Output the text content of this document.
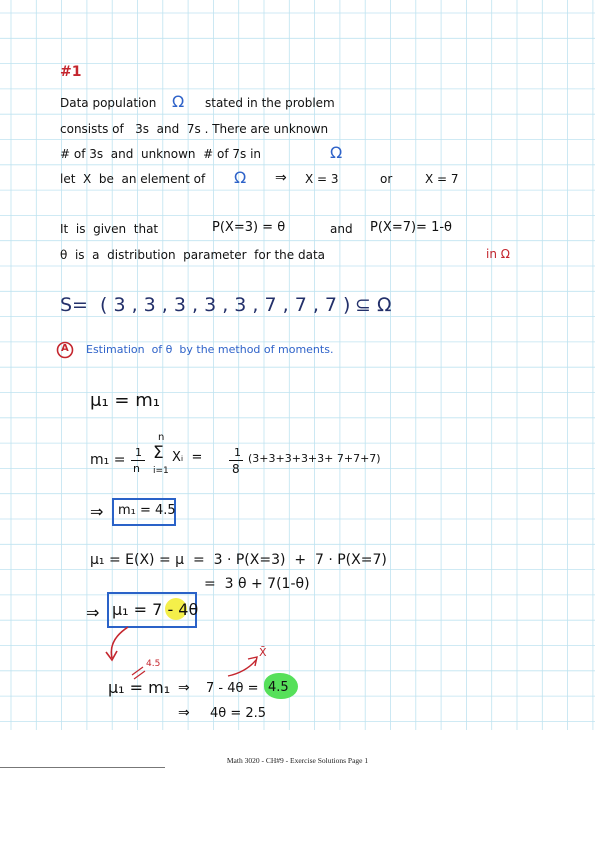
#1
Data population Ω stated in the problem
consists of   3s  and  7s . There are unknown
# of 3s  and  unknown  # of 7s in	Ω
let  X  be  an element of Ω ⇒ X = 3	or	X = 7
It  is  given  that	P(X=3) = θ	and P(X=7)= 1-θ
θ  is  a  distribution  parameter  for the data	in Ω
S= ( 3 , 3 , 3 , 3 , 3 , 7 , 7 , 7 ) ⊆ Ω
A Estimation  of θ  by the method of moments.
μ₁ = m₁
m₁ = 1
n
n
Σ
i=1
Xᵢ  =	1
8
(3+3+3+3+3+ 7+7+7)
⇒ m₁ = 4.5
μ₁ = E(X) = μ  =  3 · P(X=3)  +  7 · P(X=7)
=  3 θ + 7(1-θ)
⇒ μ₁ = 7 - 4θ
4.5
X̄
μ₁ = m₁ ⇒ 7 - 4θ = 4.5
⇒ 4θ = 2.5
Math 3020 - CH#9 - Exercise Solutions Page 1
